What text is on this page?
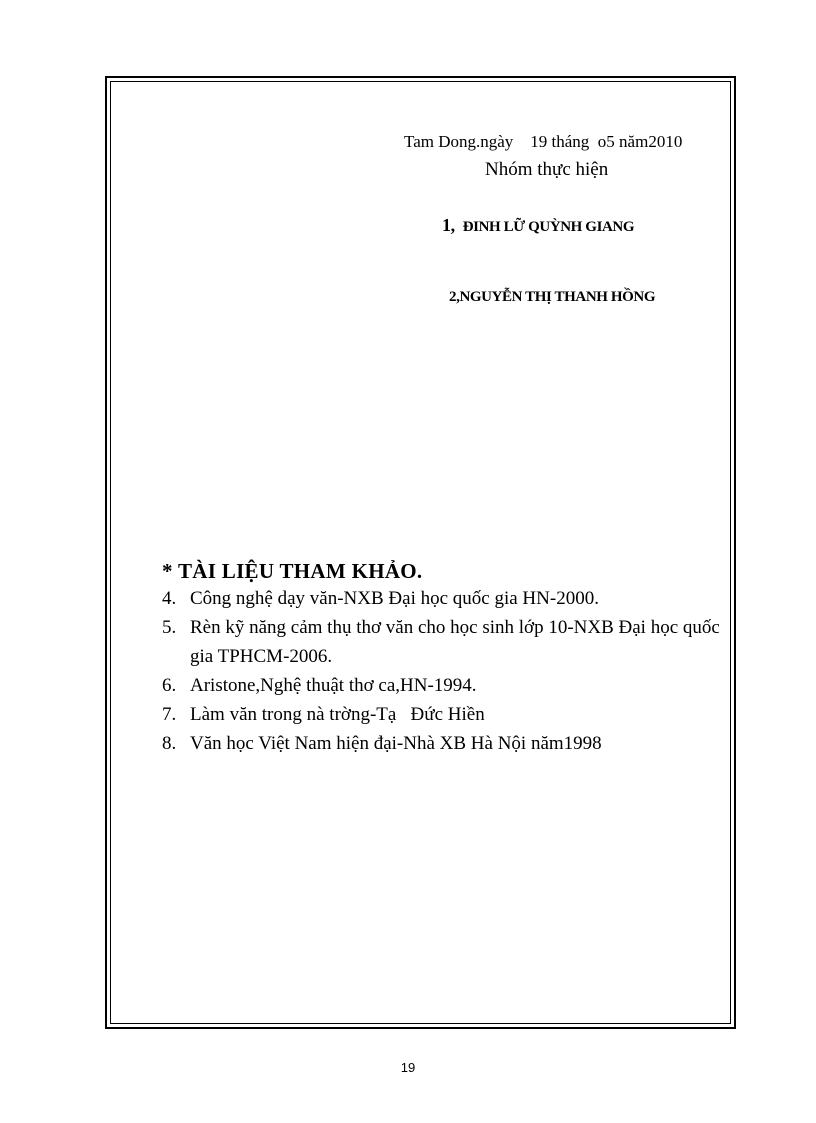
Tam Dong.ngày    19 tháng  o5 năm2010
Nhóm thực hiện
1, ĐINH LỮ QUỲNH GIANG
2,NGUYỄN THỊ THANH HỒNG
* TÀI LIỆU THAM KHẢO.
4. Công nghệ dạy văn-NXB Đại học quốc gia HN-2000.
5. Rèn kỹ năng cảm thụ thơ văn cho học sinh lớp 10-NXB Đại học quốc gia TPHCM-2006.
6. Aristone,Nghệ thuật thơ ca,HN-1994.
7. Làm văn trong nà trờng-Tạ   Đức Hiền
8. Văn học Việt Nam hiện đại-Nhà XB Hà Nội năm1998
19
